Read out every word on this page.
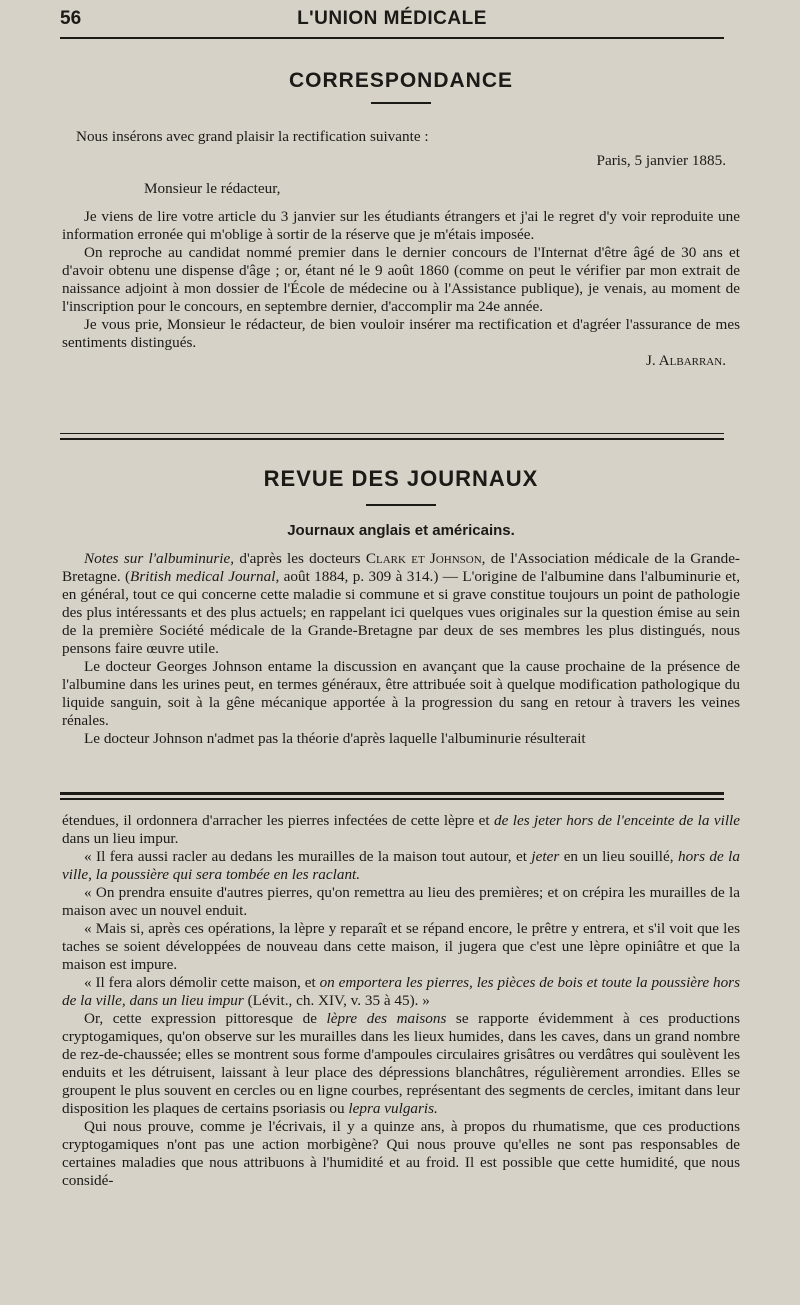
56	L'UNION MÉDICALE
CORRESPONDANCE

Nous insérons avec grand plaisir la rectification suivante :

Paris, 5 janvier 1885.

Monsieur le rédacteur,

Je viens de lire votre article du 3 janvier sur les étudiants étrangers et j'ai le regret d'y voir reproduite une information erronée qui m'oblige à sortir de la réserve que je m'étais imposée.

On reproche au candidat nommé premier dans le dernier concours de l'Internat d'être âgé de 30 ans et d'avoir obtenu une dispense d'âge ; or, étant né le 9 août 1860 (comme on peut le vérifier par mon extrait de naissance adjoint à mon dossier de l'École de médecine ou à l'Assistance publique), je venais, au moment de l'inscription pour le concours, en septembre dernier, d'accomplir ma 24e année.

Je vous prie, Monsieur le rédacteur, de bien vouloir insérer ma rectification et d'agréer l'assurance de mes sentiments distingués.

J. Albarran.

REVUE DES JOURNAUX
Journaux anglais et américains.

Notes sur l'albuminurie, d'après les docteurs Clark et Johnson, de l'Association médicale de la Grande-Bretagne. (British medical Journal, août 1884, p. 309 à 314.) — L'origine de l'albumine dans l'albuminurie et, en général, tout ce qui concerne cette maladie si commune et si grave constitue toujours un point de pathologie des plus intéressants et des plus actuels; en rappelant ici quelques vues originales sur la question émise au sein de la première Société médicale de la Grande-Bretagne par deux de ses membres les plus distingués, nous pensons faire œuvre utile.

Le docteur Georges Johnson entame la discussion en avançant que la cause prochaine de la présence de l'albumine dans les urines peut, en termes généraux, être attribuée soit à quelque modification pathologique du liquide sanguin, soit à la gêne mécanique apportée à la progression du sang en retour à travers les veines rénales.

Le docteur Johnson n'admet pas la théorie d'après laquelle l'albuminurie résulterait

étendues, il ordonnera d'arracher les pierres infectées de cette lèpre et de les jeter hors de l'enceinte de la ville dans un lieu impur.

« Il fera aussi racler au dedans les murailles de la maison tout autour, et jeter en un lieu souillé, hors de la ville, la poussière qui sera tombée en les raclant.

« On prendra ensuite d'autres pierres, qu'on remettra au lieu des premières; et on crépira les murailles de la maison avec un nouvel enduit.

« Mais si, après ces opérations, la lèpre y reparaît et se répand encore, le prêtre y entrera, et s'il voit que les taches se soient développées de nouveau dans cette maison, il jugera que c'est une lèpre opiniâtre et que la maison est impure.

« Il fera alors démolir cette maison, et on emportera les pierres, les pièces de bois et toute la poussière hors de la ville, dans un lieu impur (Lévit., ch. XIV, v. 35 à 45). »

Or, cette expression pittoresque de lèpre des maisons se rapporte évidemment à ces productions cryptogamiques, qu'on observe sur les murailles dans les lieux humides, dans les caves, dans un grand nombre de rez-de-chaussée; elles se montrent sous forme d'ampoules circulaires grisâtres ou verdâtres qui soulèvent les enduits et les détruisent, laissant à leur place des dépressions blanchâtres, régulièrement arrondies. Elles se groupent le plus souvent en cercles ou en ligne courbes, représentant des segments de cercles, imitant dans leur disposition les plaques de certains psoriasis ou lepra vulgaris.

Qui nous prouve, comme je l'écrivais, il y a quinze ans, à propos du rhumatisme, que ces productions cryptogamiques n'ont pas une action morbigène? Qui nous prouve qu'elles ne sont pas responsables de certaines maladies que nous attribuons à l'humidité et au froid. Il est possible que cette humidité, que nous considé-
